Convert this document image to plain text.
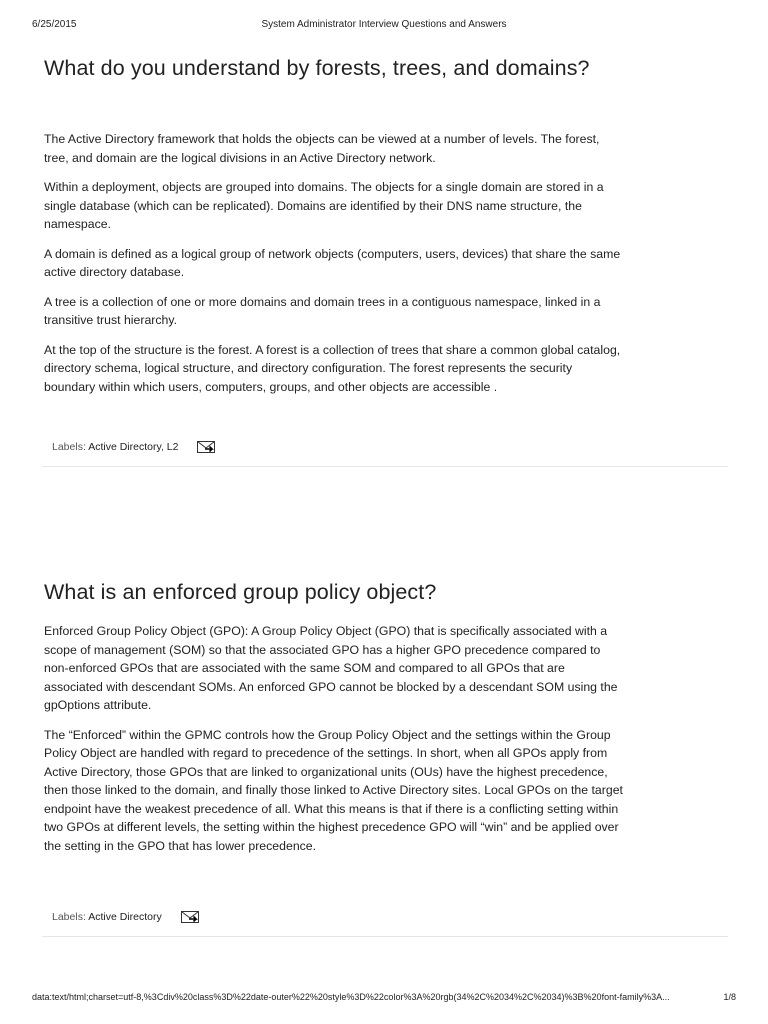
6/25/2015	System Administrator Interview Questions and Answers
What do you understand by forests, trees, and domains?

The Active Directory framework that holds the objects can be viewed at a number of levels. The forest, tree, and domain are the logical divisions in an Active Directory network.

Within a deployment, objects are grouped into domains. The objects for a single domain are stored in a single database (which can be replicated). Domains are identified by their DNS name structure, the namespace.

A domain is defined as a logical group of network objects (computers, users, devices) that share the same active directory database.

A tree is a collection of one or more domains and domain trees in a contiguous namespace, linked in a transitive trust hierarchy.

At the top of the structure is the forest. A forest is a collection of trees that share a common global catalog, directory schema, logical structure, and directory configuration. The forest represents the security boundary within which users, computers, groups, and other objects are accessible .

Labels: Active Directory, L2
What is an enforced group policy object?

Enforced Group Policy Object (GPO): A Group Policy Object (GPO) that is specifically associated with a scope of management (SOM) so that the associated GPO has a higher GPO precedence compared to non-enforced GPOs that are associated with the same SOM and compared to all GPOs that are associated with descendant SOMs. An enforced GPO cannot be blocked by a descendant SOM using the gpOptions attribute.

The “Enforced” within the GPMC controls how the Group Policy Object and the settings within the Group Policy Object are handled with regard to precedence of the settings. In short, when all GPOs apply from Active Directory, those GPOs that are linked to organizational units (OUs) have the highest precedence, then those linked to the domain, and finally those linked to Active Directory sites. Local GPOs on the target endpoint have the weakest precedence of all. What this means is that if there is a conflicting setting within two GPOs at different levels, the setting within the highest precedence GPO will “win” and be applied over the setting in the GPO that has lower precedence.

Labels: Active Directory
data:text/html;charset=utf-8,%3Cdiv%20class%3D%22date-outer%22%20style%3D%22color%3A%20rgb(34%2C%2034%2C%2034)%3B%20font-family%3A...	1/8
